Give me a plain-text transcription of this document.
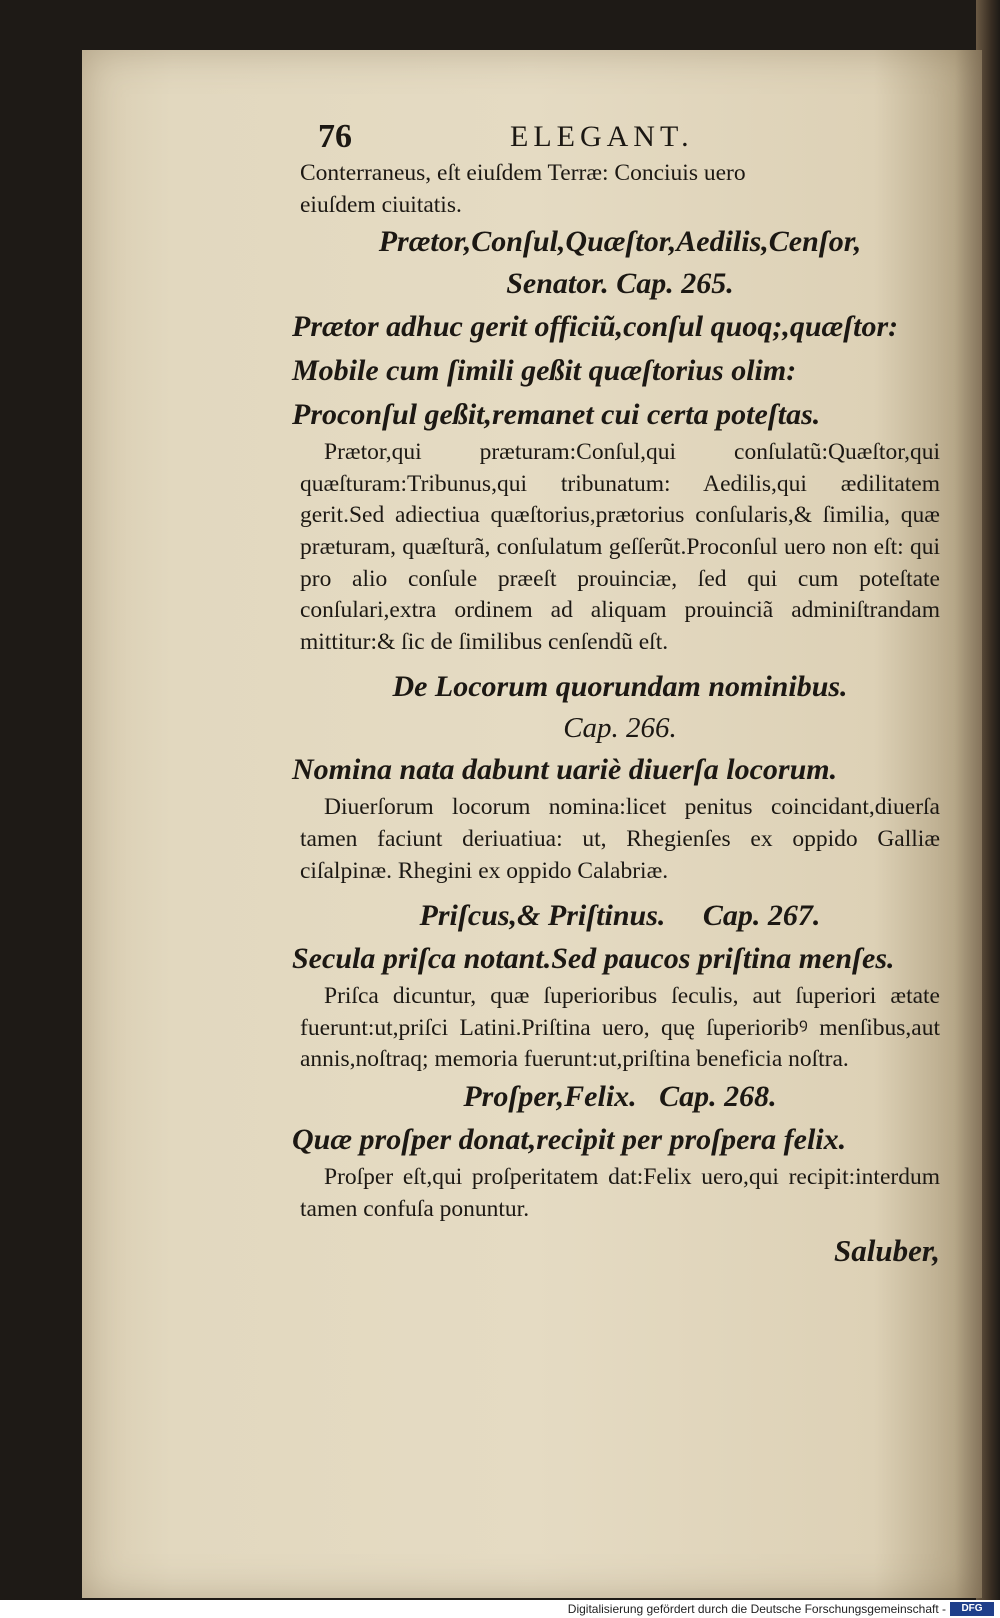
76	ELEGANT.
Conterraneus, eſt eiuſdem Terræ: Conciuis uero
eiuſdem ciuitatis.
Prætor,Conſul,Quæſtor,Aedilis,Cenſor,
Senator. Cap. 265.
Prætor adhuc gerit officiũ,conſul quoq;,quæſtor:
Mobile cum ſimili geßit quæſtorius olim:
Proconſul geßit,remanet cui certa poteſtas.
Prætor,qui præturam:Conſul,qui conſulatũ:Quæſtor,qui quæſturam:Tribunus,qui tribunatum: Aedilis,qui ædilitatem gerit.Sed adiectiua quæſtorius,prætorius conſularis,& ſimilia, quæ præturam, quæſturã, conſulatum geſſerũt.Proconſul uero non eſt: qui pro alio conſule præeſt prouinciæ, ſed qui cum poteſtate conſulari,extra ordinem ad aliquam prouinciã adminiſtrandam mittitur:& ſic de ſimilibus cenſendũ eſt.
De Locorum quorundam nominibus.
Cap. 266.
Nomina nata dabunt uariè diuerſa locorum.
Diuerſorum locorum nomina:licet penitus coincidant,diuerſa tamen faciunt deriuatiua: ut, Rhegienſes ex oppido Galliæ ciſalpinæ. Rhegini ex oppido Calabriæ.
Priſcus,& Priſtinus.     Cap. 267.
Secula priſca notant.Sed paucos priſtina menſes.
Priſca dicuntur, quæ ſuperioribus ſeculis, aut ſuperiori ætate fuerunt:ut,priſci Latini.Priſtina uero, quę ſuperioribꝰ menſibus,aut annis,noſtraq; memoria fuerunt:ut,priſtina beneficia noſtra.
Proſper,Felix.   Cap. 268.
Quæ proſper donat,recipit per proſpera felix.
Proſper eſt,qui proſperitatem dat:Felix uero,qui recipit:interdum tamen confuſa ponuntur.
Saluber,
Digitalisierung gefördert durch die Deutsche Forschungsgemeinschaft -	DFG
